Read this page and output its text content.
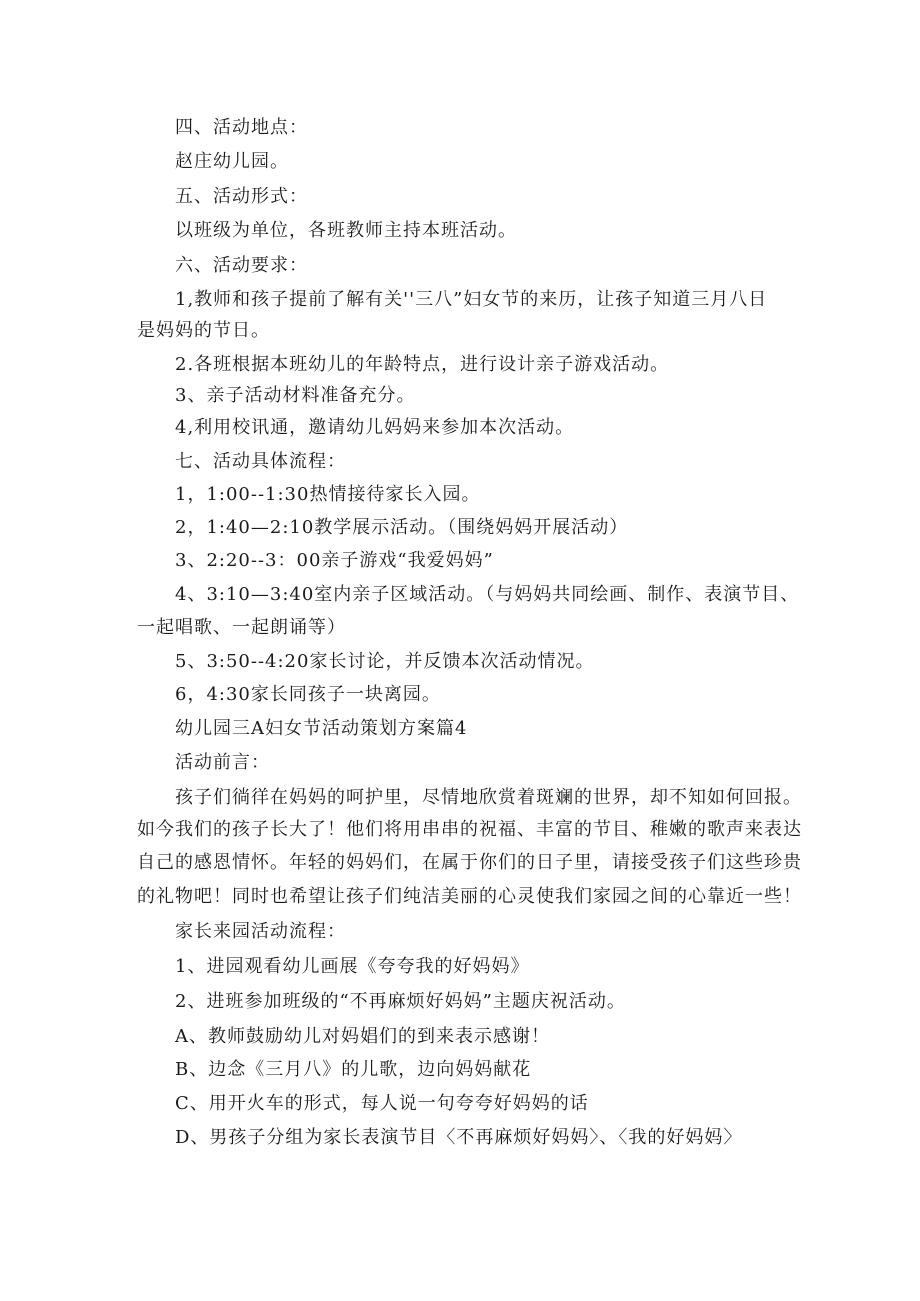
四、活动地点：
赵庄幼儿园。
五、活动形式：
以班级为单位，各班教师主持本班活动。
六、活动要求：
1,教师和孩子提前了解有关''三八”妇女节的来历，让孩子知道三月八日
是妈妈的节日。
2.各班根据本班幼儿的年龄特点，进行设计亲子游戏活动。
3、亲子活动材料准备充分。
4,利用校讯通，邀请幼儿妈妈来参加本次活动。
七、活动具体流程：
1，1:00--1:30热情接待家长入园。
2，1:40—2:10教学展示活动。（围绕妈妈开展活动）
3、2:20--3：00亲子游戏“我爱妈妈”
4、3:10—3:40室内亲子区域活动。（与妈妈共同绘画、制作、表演节目、
一起唱歌、一起朗诵等）
5、3:50--4:20家长讨论，并反馈本次活动情况。
6，4:30家长同孩子一块离园。
幼儿园三A妇女节活动策划方案篇4
活动前言：
孩子们徜徉在妈妈的呵护里，尽情地欣赏着斑斓的世界，却不知如何回报。
如今我们的孩子长大了！他们将用串串的祝福、丰富的节目、稚嫩的歌声来表达
自己的感恩情怀。年轻的妈妈们，在属于你们的日子里，请接受孩子们这些珍贵
的礼物吧！同时也希望让孩子们纯洁美丽的心灵使我们家园之间的心靠近一些！
家长来园活动流程：
1、进园观看幼儿画展《夸夸我的好妈妈》
2、进班参加班级的“不再麻烦好妈妈”主题庆祝活动。
A、教师鼓励幼儿对妈娼们的到来表示感谢！
B、边念《三月八》的儿歌，边向妈妈献花
C、用开火车的形式，每人说一句夸夸好妈妈的话
D、男孩子分组为家长表演节目〈不再麻烦好妈妈〉、〈我的好妈妈〉
